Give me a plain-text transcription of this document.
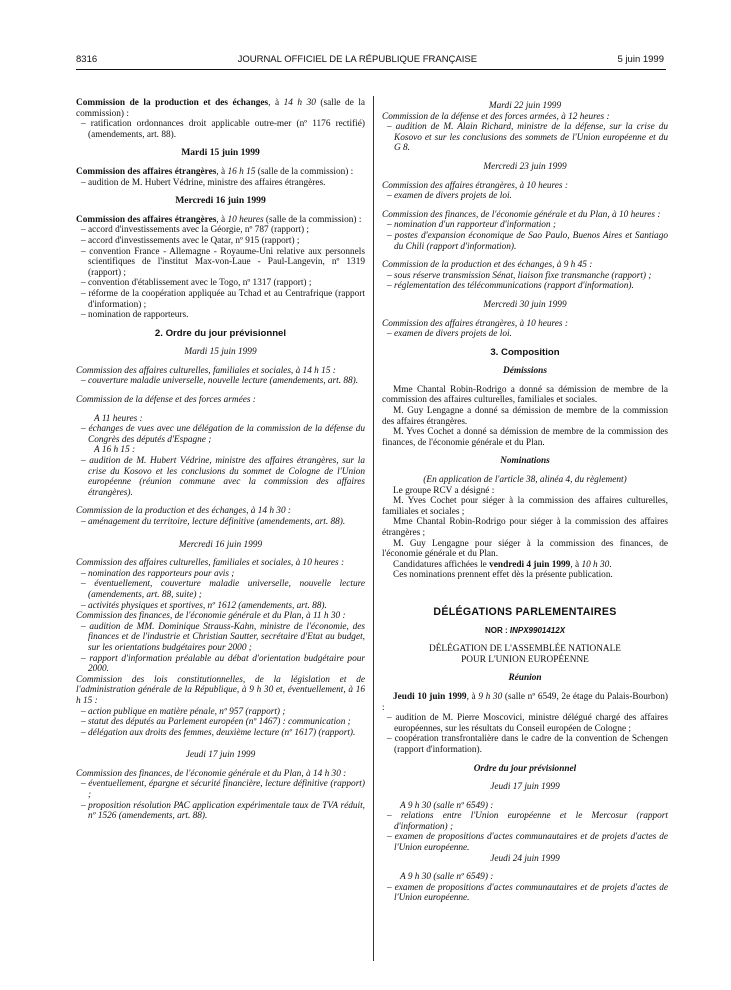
8316	JOURNAL OFFICIEL DE LA RÉPUBLIQUE FRANÇAISE	5 juin 1999

Commission de la production et des échanges, à 14 h 30 (salle de la commission) :

– ratification ordonnances droit applicable outre-mer (nº 1176 rectifié) (amendements, art. 88).

Mardi 15 juin 1999

Commission des affaires étrangères, à 16 h 15 (salle de la commission) :

– audition de M. Hubert Védrine, ministre des affaires étrangères.

Mercredi 16 juin 1999

Commission des affaires étrangères, à 10 heures (salle de la commission) :

– accord d'investissements avec la Géorgie, nº 787 (rapport) ;

– accord d'investissements avec le Qatar, nº 915 (rapport) ;

– convention France - Allemagne - Royaume-Uni relative aux personnels scientifiques de l'institut Max-von-Laue - Paul-Langevin, nº 1319 (rapport) ;

– convention d'établissement avec le Togo, nº 1317 (rapport) ;

– réforme de la coopération appliquée au Tchad et au Centrafrique (rapport d'information) ;

– nomination de rapporteurs.

2. Ordre du jour prévisionnel

Mardi 15 juin 1999

Commission des affaires culturelles, familiales et sociales, à 14 h 15 :

– couverture maladie universelle, nouvelle lecture (amendements, art. 88).

Commission de la défense et des forces armées :

A 11 heures :

– échanges de vues avec une délégation de la commission de la défense du Congrès des députés d'Espagne ;

A 16 h 15 :

– audition de M. Hubert Védrine, ministre des affaires étrangères, sur la crise du Kosovo et les conclusions du sommet de Cologne de l'Union européenne (réunion commune avec la commission des affaires étrangères).

Commission de la production et des échanges, à 14 h 30 :

– aménagement du territoire, lecture définitive (amendements, art. 88).

Mercredi 16 juin 1999

Commission des affaires culturelles, familiales et sociales, à 10 heures :

– nomination des rapporteurs pour avis ;

– éventuellement, couverture maladie universelle, nouvelle lecture (amendements, art. 88, suite) ;

– activités physiques et sportives, nº 1612 (amendements, art. 88).

Commission des finances, de l'économie générale et du Plan, à 11 h 30 :

– audition de MM. Dominique Strauss-Kahn, ministre de l'économie, des finances et de l'industrie et Christian Sautter, secrétaire d'Etat au budget, sur les orientations budgétaires pour 2000 ;

– rapport d'information préalable au débat d'orientation budgétaire pour 2000.

Commission des lois constitutionnelles, de la législation et de l'administration générale de la République, à 9 h 30 et, éventuellement, à 16 h 15 :

– action publique en matière pénale, nº 957 (rapport) ;

– statut des députés au Parlement européen (nº 1467) : communication ;

– délégation aux droits des femmes, deuxième lecture (nº 1617) (rapport).

Jeudi 17 juin 1999

Commission des finances, de l'économie générale et du Plan, à 14 h 30 :

– éventuellement, épargne et sécurité financière, lecture définitive (rapport) ;

– proposition résolution PAC application expérimentale taux de TVA réduit, nº 1526 (amendements, art. 88).

Mardi 22 juin 1999

Commission de la défense et des forces armées, à 12 heures :

– audition de M. Alain Richard, ministre de la défense, sur la crise du Kosovo et sur les conclusions des sommets de l'Union européenne et du G 8.

Mercredi 23 juin 1999

Commission des affaires étrangères, à 10 heures :

– examen de divers projets de loi.

Commission des finances, de l'économie générale et du Plan, à 10 heures :

– nomination d'un rapporteur d'information ;

– postes d'expansion économique de Sao Paulo, Buenos Aires et Santiago du Chili (rapport d'information).

Commission de la production et des échanges, à 9 h 45 :

– sous réserve transmission Sénat, liaison fixe transmanche (rapport) ;

– réglementation des télécommunications (rapport d'information).

Mercredi 30 juin 1999

Commission des affaires étrangères, à 10 heures :

– examen de divers projets de loi.

3. Composition

Démissions

Mme Chantal Robin-Rodrigo a donné sa démission de membre de la commission des affaires culturelles, familiales et sociales.

M. Guy Lengagne a donné sa démission de membre de la commission des affaires étrangères.

M. Yves Cochet a donné sa démission de membre de la commission des finances, de l'économie générale et du Plan.

Nominations

(En application de l'article 38, alinéa 4, du règlement)

Le groupe RCV a désigné :

M. Yves Cochet pour siéger à la commission des affaires culturelles, familiales et sociales ;

Mme Chantal Robin-Rodrigo pour siéger à la commission des affaires étrangères ;

M. Guy Lengagne pour siéger à la commission des finances, de l'économie générale et du Plan.

Candidatures affichées le vendredi 4 juin 1999, à 10 h 30.

Ces nominations prennent effet dès la présente publication.

DÉLÉGATIONS PARLEMENTAIRES

NOR : INPX9901412X

DÉLÉGATION DE L'ASSEMBLÉE NATIONALE

POUR L'UNION EUROPÉENNE

Réunion

Jeudi 10 juin 1999, à 9 h 30 (salle nº 6549, 2e étage du Palais-Bourbon) :

– audition de M. Pierre Moscovici, ministre délégué chargé des affaires européennes, sur les résultats du Conseil européen de Cologne ;

– coopération transfrontalière dans le cadre de la convention de Schengen (rapport d'information).

Ordre du jour prévisionnel

Jeudi 17 juin 1999

A 9 h 30 (salle nº 6549) :

– relations entre l'Union européenne et le Mercosur (rapport d'information) ;

– examen de propositions d'actes communautaires et de projets d'actes de l'Union européenne.

Jeudi 24 juin 1999

A 9 h 30 (salle nº 6549) :

– examen de propositions d'actes communautaires et de projets d'actes de l'Union européenne.
